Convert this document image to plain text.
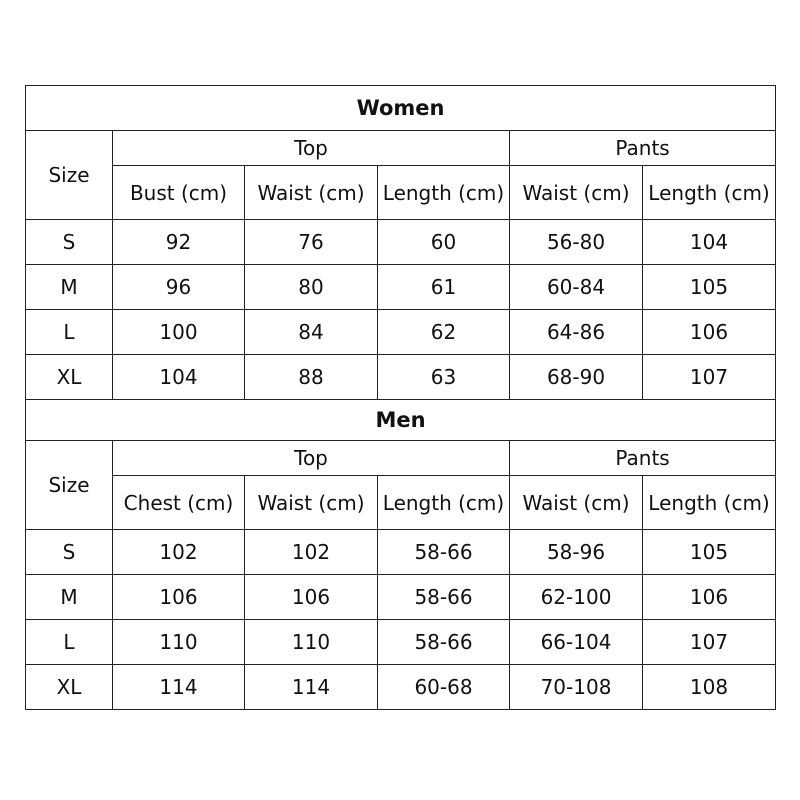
Women					
Size	Top			Pants	
	Bust (cm)	Waist (cm)	Length (cm)	Waist (cm)	Length (cm)
S	92	76	60	56-80	104
M	96	80	61	60-84	105
L	100	84	62	64-86	106
XL	104	88	63	68-90	107
Men					
Size	Top			Pants	
	Chest (cm)	Waist (cm)	Length (cm)	Waist (cm)	Length (cm)
S	102	102	58-66	58-96	105
M	106	106	58-66	62-100	106
L	110	110	58-66	66-104	107
XL	114	114	60-68	70-108	108
